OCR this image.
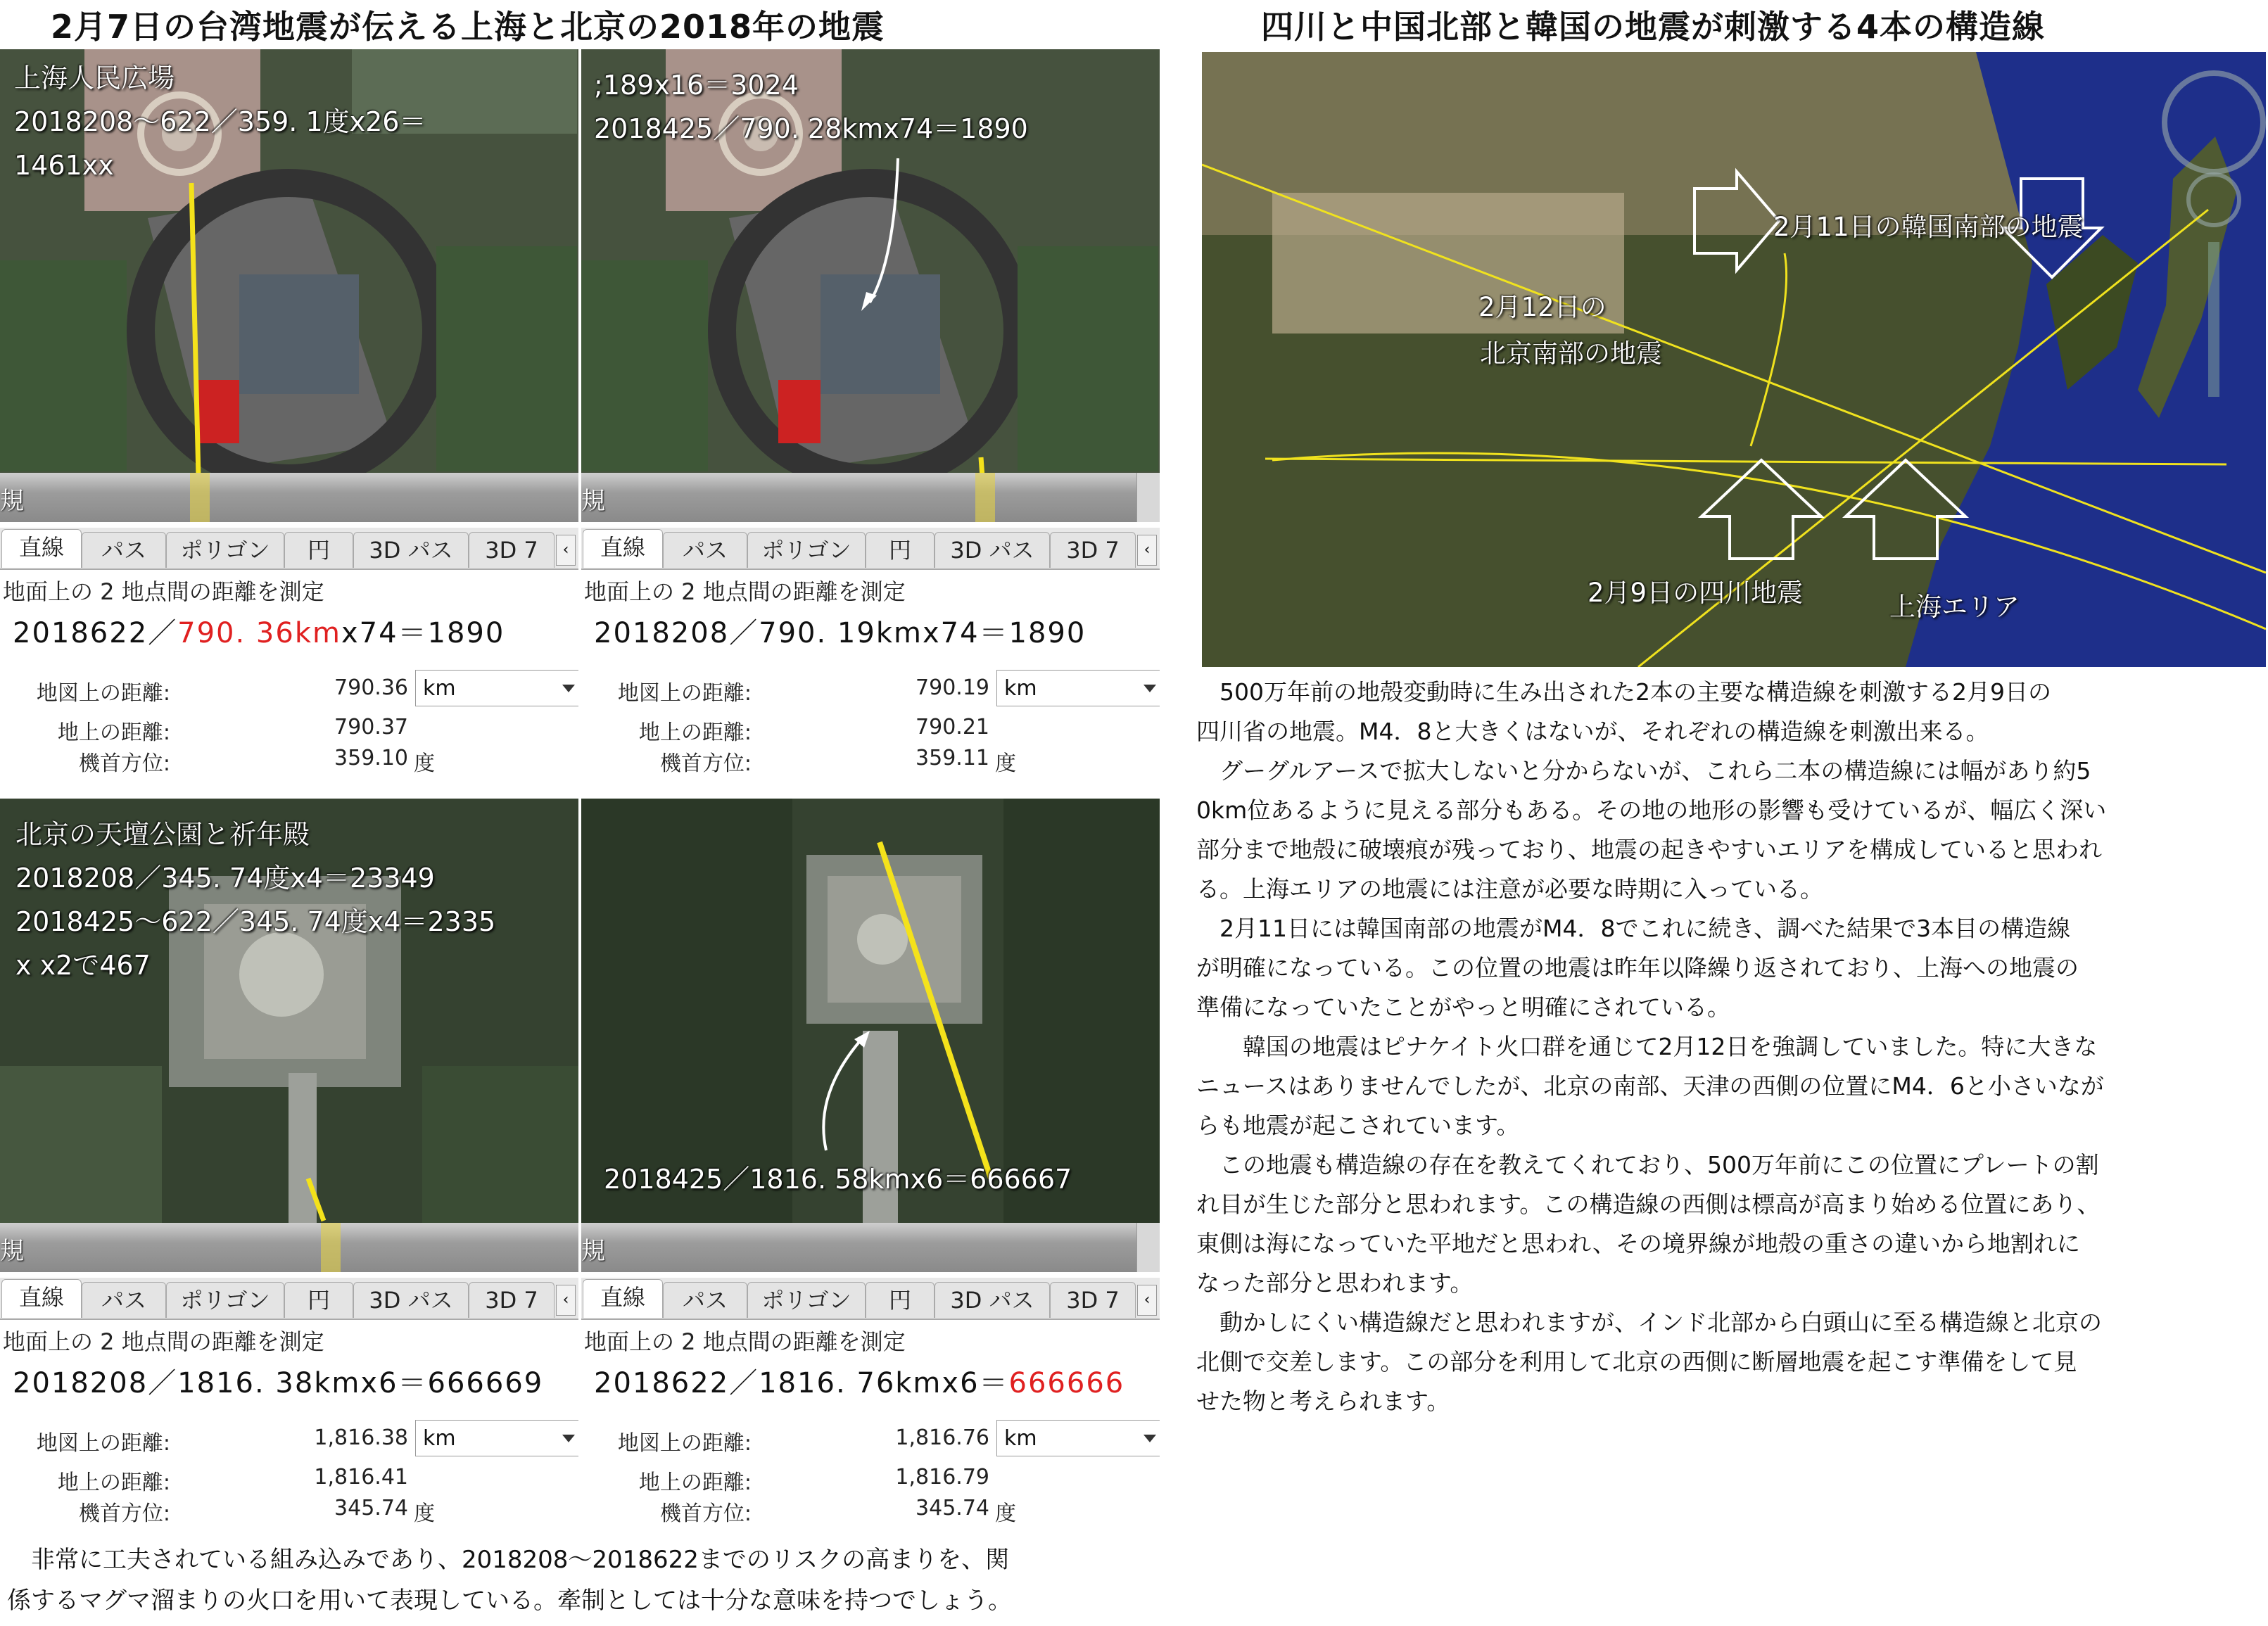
2月7日の台湾地震が伝える上海と北京の2018年の地震	四川と中国北部と韓国の地震が刺激する4本の構造線
上海人民広場
2018208～622／359. 1度x26＝
1461xx
;189x16＝3024
2018425／790. 28kmx74＝1890
規	規
直線	パス	ポリゴン	円	3D パス	3D 7	‹
地面上の 2 地点間の距離を測定
2018622／790. 36kmx74＝1890
地図上の距離:	790.36 km
地上の距離:	790.37
機首方位:	359.10 度
直線	パス	ポリゴン	円	3D パス	3D 7	‹
地面上の 2 地点間の距離を測定
2018208／790. 19kmx74＝1890
地図上の距離:	790.19 km
地上の距離:	790.21
機首方位:	359.11 度
北京の天壇公園と祈年殿
2018208／345. 74度x4＝23349
2018425～622／345. 74度x4＝2335
x x2で467
2018425／1816. 58kmx6＝666667
規	規
直線	パス	ポリゴン	円	3D パス	3D 7	‹
地面上の 2 地点間の距離を測定
2018208／1816. 38kmx6＝666669
地図上の距離:	1,816.38 km
地上の距離:	1,816.41
機首方位:	345.74 度
直線	パス	ポリゴン	円	3D パス	3D 7	‹
地面上の 2 地点間の距離を測定
2018622／1816. 76kmx6＝666666
地図上の距離:	1,816.76 km
地上の距離:	1,816.79
機首方位:	345.74 度

　非常に工夫されている組み込みであり、2018208～2018622までのリスクの高まりを、関

係するマグマ溜まりの火口を用いて表現している。牽制としては十分な意味を持つでしょう。

2月11日の韓国南部の地震
2月12日の
北京南部の地震
2月9日の四川地震	上海エリア

　500万年前の地殻変動時に生み出された2本の主要な構造線を刺激する2月9日の

四川省の地震。M4．8と大きくはないが、それぞれの構造線を刺激出来る。

　グーグルアースで拡大しないと分からないが、これら二本の構造線には幅があり約5

0km位あるように見える部分もある。その地の地形の影響も受けているが、幅広く深い

部分まで地殻に破壊痕が残っており、地震の起きやすいエリアを構成していると思われ

る。上海エリアの地震には注意が必要な時期に入っている。

　2月11日には韓国南部の地震がM4．8でこれに続き、調べた結果で3本目の構造線

が明確になっている。この位置の地震は昨年以降繰り返されており、上海への地震の

準備になっていたことがやっと明確にされている。

　　韓国の地震はピナケイト火口群を通じて2月12日を強調していました。特に大きな

ニュースはありませんでしたが、北京の南部、天津の西側の位置にM4．6と小さいなが

らも地震が起こされています。

　この地震も構造線の存在を教えてくれており、500万年前にこの位置にプレートの割

れ目が生じた部分と思われます。この構造線の西側は標高が高まり始める位置にあり、

東側は海になっていた平地だと思われ、その境界線が地殻の重さの違いから地割れに

なった部分と思われます。

　動かしにくい構造線だと思われますが、インド北部から白頭山に至る構造線と北京の

北側で交差します。この部分を利用して北京の西側に断層地震を起こす準備をして見

せた物と考えられます。
